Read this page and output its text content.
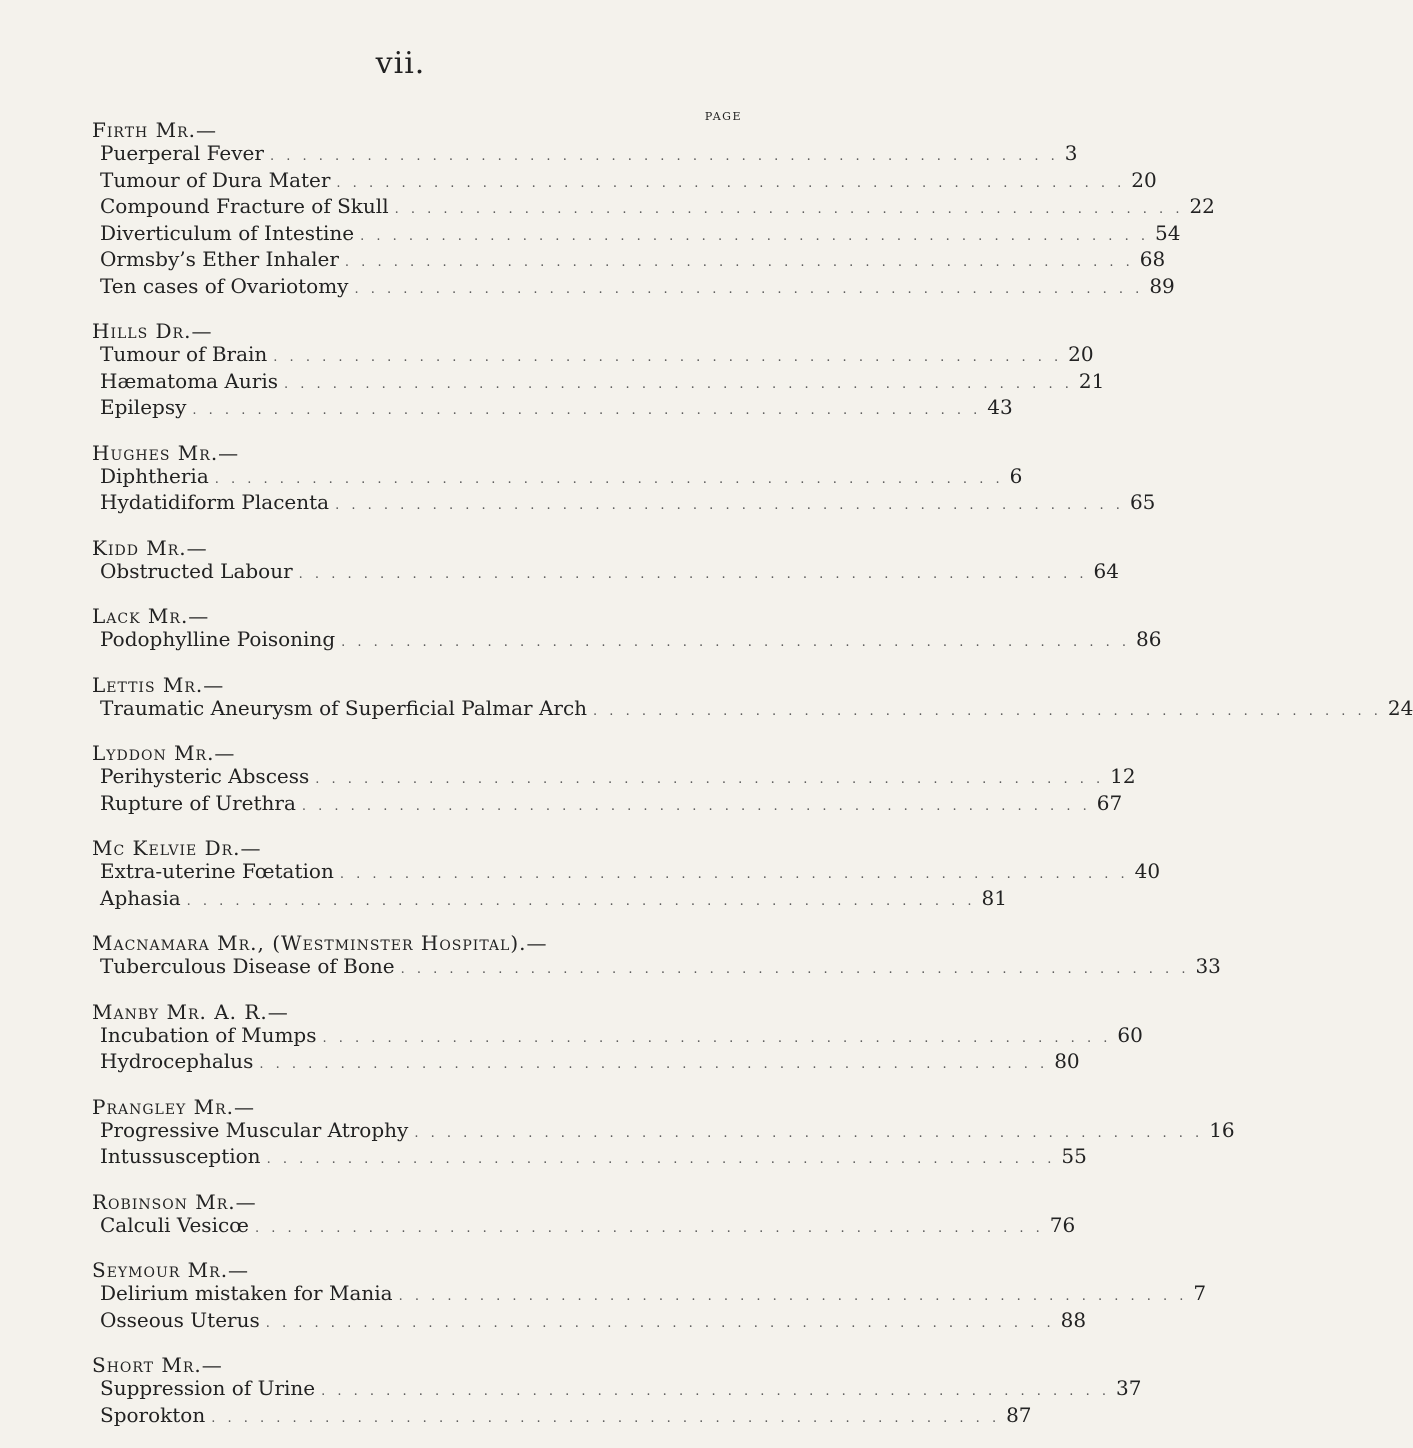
vii.
PAGE
Firth Mr.—
Puerperal Fever . . . . . . . . . . . . . . . . . . . . . . . . . . . . . . . . . . . . . . . . . . . . . . . . . 3
Tumour of Dura Mater . . . . . . . . . . . . . . . . . . . . . . . . . . . . . . . . . . . . . . . . . . . . . . . . . 20
Compound Fracture of Skull . . . . . . . . . . . . . . . . . . . . . . . . . . . . . . . . . . . . . . . . . . . . . . . . . 22
Diverticulum of Intestine . . . . . . . . . . . . . . . . . . . . . . . . . . . . . . . . . . . . . . . . . . . . . . . . . 54
Ormsby’s Ether Inhaler . . . . . . . . . . . . . . . . . . . . . . . . . . . . . . . . . . . . . . . . . . . . . . . . . 68
Ten cases of Ovariotomy . . . . . . . . . . . . . . . . . . . . . . . . . . . . . . . . . . . . . . . . . . . . . . . . . 89
Hills Dr.—
Tumour of Brain . . . . . . . . . . . . . . . . . . . . . . . . . . . . . . . . . . . . . . . . . . . . . . . . . 20
Hæmatoma Auris . . . . . . . . . . . . . . . . . . . . . . . . . . . . . . . . . . . . . . . . . . . . . . . . . 21
Epilepsy . . . . . . . . . . . . . . . . . . . . . . . . . . . . . . . . . . . . . . . . . . . . . . . . . 43
Hughes Mr.—
Diphtheria . . . . . . . . . . . . . . . . . . . . . . . . . . . . . . . . . . . . . . . . . . . . . . . . . 6
Hydatidiform Placenta . . . . . . . . . . . . . . . . . . . . . . . . . . . . . . . . . . . . . . . . . . . . . . . . . 65
Kidd Mr.—
Obstructed Labour . . . . . . . . . . . . . . . . . . . . . . . . . . . . . . . . . . . . . . . . . . . . . . . . . 64
Lack Mr.—
Podophylline Poisoning . . . . . . . . . . . . . . . . . . . . . . . . . . . . . . . . . . . . . . . . . . . . . . . . . 86
Lettis Mr.—
Traumatic Aneurysm of Superficial Palmar Arch . . . . . . . . . . . . . . . . . . . . . . . . . . . . . . . . . . . . . . . . . . . . . . . . . 24
Lyddon Mr.—
Perihysteric Abscess . . . . . . . . . . . . . . . . . . . . . . . . . . . . . . . . . . . . . . . . . . . . . . . . . 12
Rupture of Urethra . . . . . . . . . . . . . . . . . . . . . . . . . . . . . . . . . . . . . . . . . . . . . . . . . 67
Mc Kelvie Dr.—
Extra-uterine Fœtation . . . . . . . . . . . . . . . . . . . . . . . . . . . . . . . . . . . . . . . . . . . . . . . . . 40
Aphasia . . . . . . . . . . . . . . . . . . . . . . . . . . . . . . . . . . . . . . . . . . . . . . . . . 81
Macnamara Mr., (Westminster Hospital).—
Tuberculous Disease of Bone . . . . . . . . . . . . . . . . . . . . . . . . . . . . . . . . . . . . . . . . . . . . . . . . . 33
Manby Mr. A. R.—
Incubation of Mumps . . . . . . . . . . . . . . . . . . . . . . . . . . . . . . . . . . . . . . . . . . . . . . . . . 60
Hydrocephalus . . . . . . . . . . . . . . . . . . . . . . . . . . . . . . . . . . . . . . . . . . . . . . . . . 80
Prangley Mr.—
Progressive Muscular Atrophy . . . . . . . . . . . . . . . . . . . . . . . . . . . . . . . . . . . . . . . . . . . . . . . . . 16
Intussusception . . . . . . . . . . . . . . . . . . . . . . . . . . . . . . . . . . . . . . . . . . . . . . . . . 55
Robinson Mr.—
Calculi Vesicœ . . . . . . . . . . . . . . . . . . . . . . . . . . . . . . . . . . . . . . . . . . . . . . . . . 76
Seymour Mr.—
Delirium mistaken for Mania . . . . . . . . . . . . . . . . . . . . . . . . . . . . . . . . . . . . . . . . . . . . . . . . . 7
Osseous Uterus . . . . . . . . . . . . . . . . . . . . . . . . . . . . . . . . . . . . . . . . . . . . . . . . . 88
Short Mr.—
Suppression of Urine . . . . . . . . . . . . . . . . . . . . . . . . . . . . . . . . . . . . . . . . . . . . . . . . . 37
Sporokton . . . . . . . . . . . . . . . . . . . . . . . . . . . . . . . . . . . . . . . . . . . . . . . . . 87
